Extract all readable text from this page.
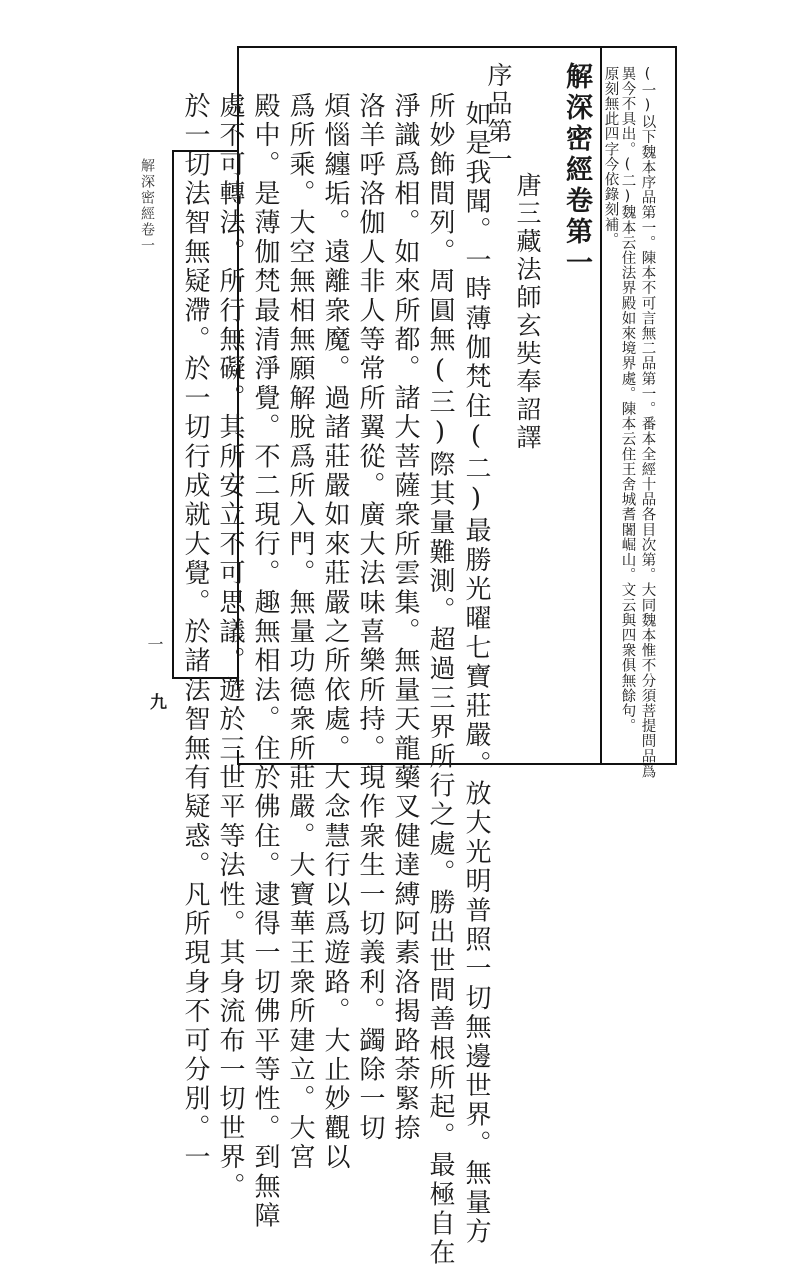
(一)以下魏本序品第一。陳本不可言無二品第一。番本全經十品各目次第。大同魏本惟不分須菩提問品爲
異今不具出。(二)魏本云住法界殿如來境界處。陳本云住王舍城耆闍崛山。文云與四衆俱無餘句。
原刻無此四字今依錄刻補。
解深密經卷第一
唐三藏法師玄奘奉詔譯
序品第一
如是我聞。一時薄伽梵住(二)最勝光曜七寶莊嚴。放大光明普照一切無邊世界。無量方
所妙飾間列。周圓無(三)際其量難測。超過三界所行之處。勝出世間善根所起。最極自在
淨識爲相。如來所都。諸大菩薩衆所雲集。無量天龍藥叉健達縛阿素洛揭路荼緊捺
洛羊呼洛伽人非人等常所翼從。廣大法味喜樂所持。現作衆生一切義利。蠲除一切
煩惱纏垢。遠離衆魔。過諸莊嚴如來莊嚴之所依處。大念慧行以爲遊路。大止妙觀以
爲所乘。大空無相無願解脫爲所入門。無量功德衆所莊嚴。大寶華王衆所建立。大宮
殿中。是薄伽梵最清淨覺。不二現行。趣無相法。住於佛住。逮得一切佛平等性。到無障
處不可轉法。所行無礙。其所安立不可思議。遊於三世平等法性。其身流布一切世界。
於一切法智無疑滯。於一切行成就大覺。於諸法智無有疑惑。凡所現身不可分別。一
解深密經卷一
一
九
